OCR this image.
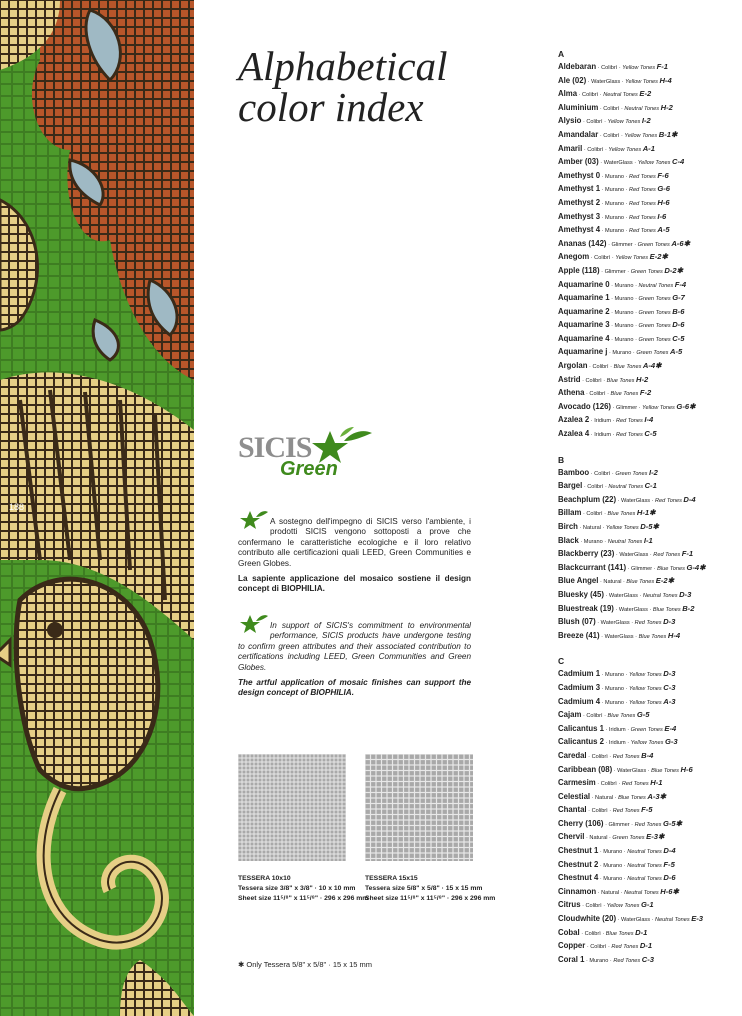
188
Alphabetical
color index
SICIS
Green

A sostegno dell'impegno di SICIS verso l'ambiente, i prodotti SICIS vengono sottoposti a prove che confermano le caratteristiche ecologiche e il loro relativo contributo alle certificazioni quali LEED, Green Communities e Green Globes.

La sapiente applicazione del mosaico sostiene il design concept di BIOPHILIA.

In support of SICIS's commitment to environmental performance, SICIS products have undergone testing to confirm green attributes and their associated contribution to certifications including LEED, Green Communities and Green Globes.

The artful application of mosaic finishes can support the design concept of BIOPHILIA.

TESSERA 10x10
Tessera size 3/8" x 3/8" · 10 x 10 mm
Sheet size 11⁵/⁸" x 11⁵/⁸" · 296 x 296 mm
TESSERA 15x15
Tessera size 5/8" x 5/8" · 15 x 15 mm
Sheet size 11⁵/⁸" x 11⁵/⁸" · 296 x 296 mm
✱ Only Tessera 5/8" x 5/8" · 15 x 15 mm
A
Aldebaran · Colibrì · Yellow Tones F-1
Ale (02) · WaterGlass · Yellow Tones H-4
Alma · Colibrì · Neutral Tones E-2
Aluminium · Colibrì · Neutral Tones H-2
Alysio · Colibrì · Yellow Tones I-2
Amandalar · Colibrì · Yellow Tones B-1✱
Amaril · Colibrì · Yellow Tones A-1
Amber (03) · WaterGlass · Yellow Tones C-4
Amethyst 0 · Murano · Red Tones F-6
Amethyst 1 · Murano · Red Tones G-6
Amethyst 2 · Murano · Red Tones H-6
Amethyst 3 · Murano · Red Tones I-6
Amethyst 4 · Murano · Red Tones A-5
Ananas (142) · Glimmer · Green Tones A-6✱
Anegom · Colibrì · Yellow Tones E-2✱
Apple (118) · Glimmer · Green Tones D-2✱
Aquamarine 0 · Murano · Neutral Tones F-4
Aquamarine 1 · Murano · Green Tones G-7
Aquamarine 2 · Murano · Green Tones B-6
Aquamarine 3 · Murano · Green Tones D-6
Aquamarine 4 · Murano · Green Tones C-5
Aquamarine j · Murano · Green Tones A-5
Argolan · Colibrì · Blue Tones A-4✱
Astrid · Colibrì · Blue Tones H-2
Athena · Colibrì · Blue Tones F-2
Avocado (126) · Glimmer · Yellow Tones G-6✱
Azalea 2 · Iridium · Red Tones I-4
Azalea 4 · Iridium · Red Tones C-5
B
Bamboo · Colibrì · Green Tones I-2
Bargel · Colibrì · Neutral Tones C-1
Beachplum (22) · WaterGlass · Red Tones D-4
Billam · Colibrì · Blue Tones H-1✱
Birch · Natural · Yellow Tones D-5✱
Black · Murano · Neutral Tones I-1
Blackberry (23) · WaterGlass · Red Tones F-1
Blackcurrant (141) · Glimmer · Blue Tones G-4✱
Blue Angel · Natural · Blue Tones E-2✱
Bluesky (45) · WaterGlass · Neutral Tones D-3
Bluestreak (19) · WaterGlass · Blue Tones B-2
Blush (07) · WaterGlass · Red Tones D-3
Breeze (41) · WaterGlass · Blue Tones H-4
C
Cadmium 1 · Murano · Yellow Tones D-3
Cadmium 3 · Murano · Yellow Tones C-3
Cadmium 4 · Murano · Yellow Tones A-3
Cajam · Colibrì · Blue Tones G-5
Calicantus 1 · Iridium · Green Tones E-4
Calicantus 2 · Iridium · Yellow Tones G-3
Caredal · Colibrì · Red Tones B-4
Caribbean (08) · WaterGlass · Blue Tones H-6
Carmesim · Colibrì · Red Tones H-1
Celestial · Natural · Blue Tones A-3✱
Chantal · Colibrì · Red Tones F-5
Cherry (106) · Glimmer · Red Tones G-5✱
Chervil · Natural · Green Tones E-3✱
Chestnut 1 · Murano · Neutral Tones D-4
Chestnut 2 · Murano · Neutral Tones F-5
Chestnut 4 · Murano · Neutral Tones D-6
Cinnamon · Natural · Neutral Tones H-6✱
Citrus · Colibrì · Yellow Tones G-1
Cloudwhite (20) · WaterGlass · Neutral Tones E-3
Cobal · Colibrì · Blue Tones D-1
Copper · Colibrì · Red Tones D-1
Coral 1 · Murano · Red Tones C-3
